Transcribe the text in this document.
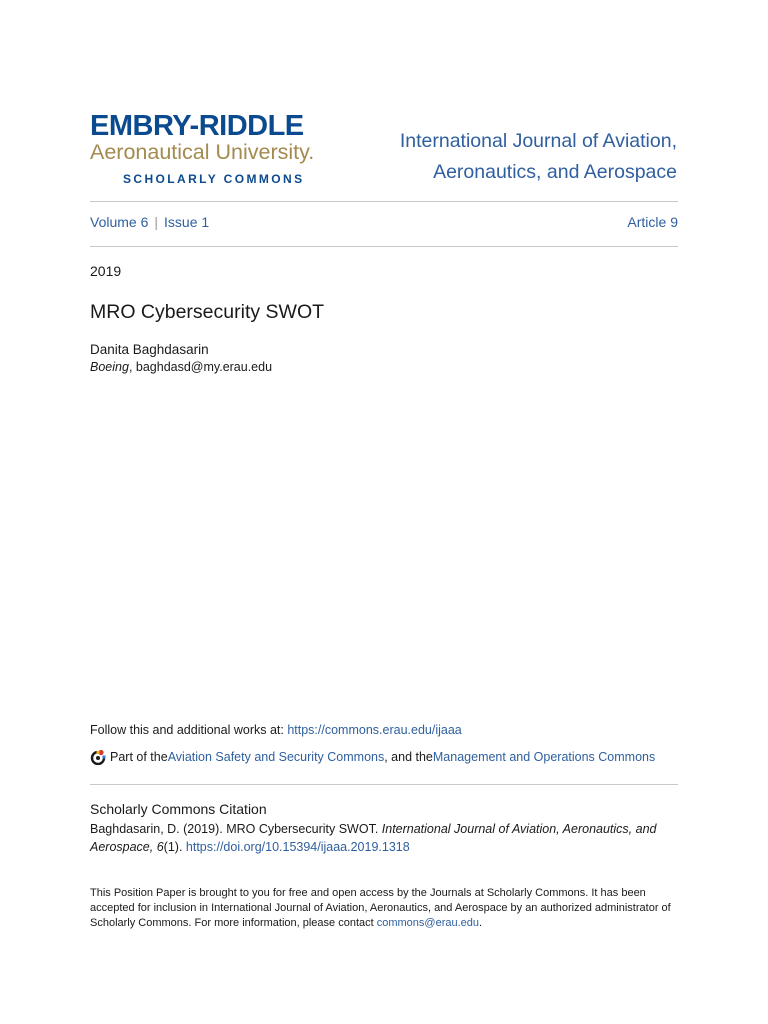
EMBRY-RIDDLE
Aeronautical University.
SCHOLARLY COMMONS
International Journal of Aviation,
Aeronautics, and Aerospace
Volume 6 | Issue 1	Article 9
2019
MRO Cybersecurity SWOT
Danita Baghdasarin
Boeing, baghdasd@my.erau.edu
Follow this and additional works at: https://commons.erau.edu/ijaaa
Part of the Aviation Safety and Security Commons , and the Management and Operations Commons
Scholarly Commons Citation
Baghdasarin, D. (2019). MRO Cybersecurity SWOT. International Journal of Aviation, Aeronautics, and Aerospace, 6(1). https://doi.org/10.15394/ijaaa.2019.1318
This Position Paper is brought to you for free and open access by the Journals at Scholarly Commons. It has been accepted for inclusion in International Journal of Aviation, Aeronautics, and Aerospace by an authorized administrator of Scholarly Commons. For more information, please contact commons@erau.edu.
